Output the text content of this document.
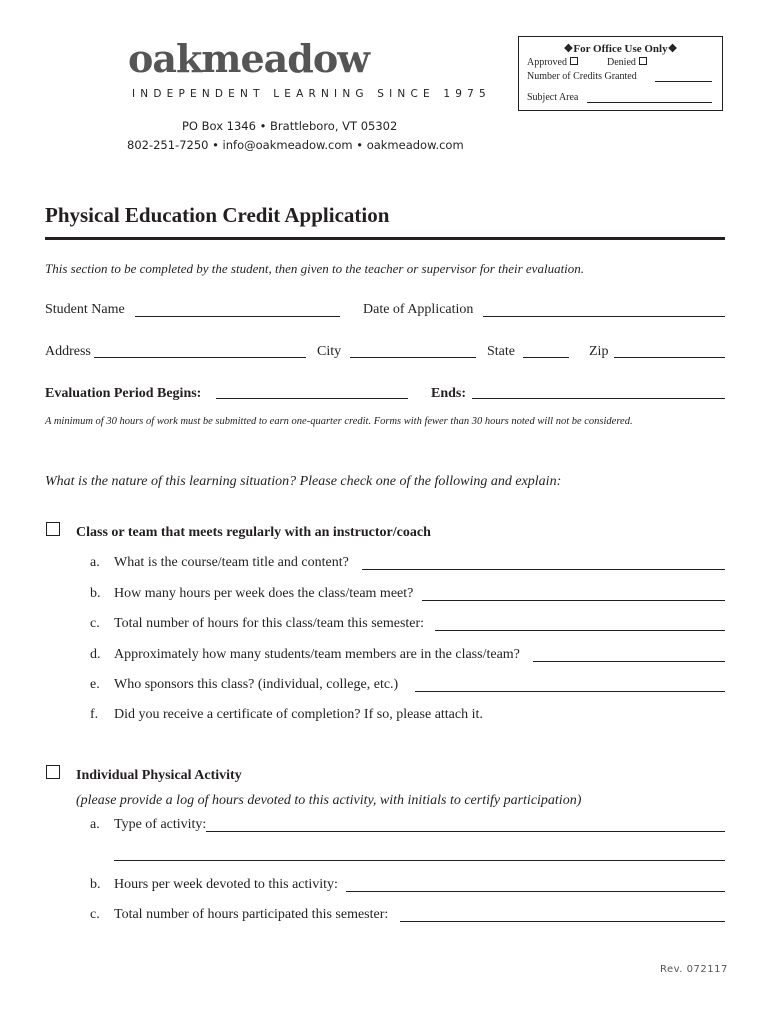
oakmeadow
INDEPENDENT LEARNING SINCE 1975
PO Box 1346 • Brattleboro, VT 05302
802-251-7250 • info@oakmeadow.com • oakmeadow.com
❖For Office Use Only❖
Approved	Denied
Number of Credits Granted
Subject Area
Physical Education Credit Application
This section to be completed by the student, then given to the teacher or supervisor for their evaluation.
Student Name	Date of Application
Address	City	State	Zip
Evaluation Period Begins:	Ends:
A minimum of 30 hours of work must be submitted to earn one-quarter credit. Forms with fewer than 30 hours noted will not be considered.
What is the nature of this learning situation? Please check one of the following and explain:
Class or team that meets regularly with an instructor/coach
a. What is the course/team title and content?
b. How many hours per week does the class/team meet?
c. Total number of hours for this class/team this semester:
d. Approximately how many students/team members are in the class/team?
e. Who sponsors this class? (individual, college, etc.)
f. Did you receive a certificate of completion? If so, please attach it.
Individual Physical Activity
(please provide a log of hours devoted to this activity, with initials to certify participation)
a. Type of activity:
b. Hours per week devoted to this activity:
c. Total number of hours participated this semester:
Rev. 072117
